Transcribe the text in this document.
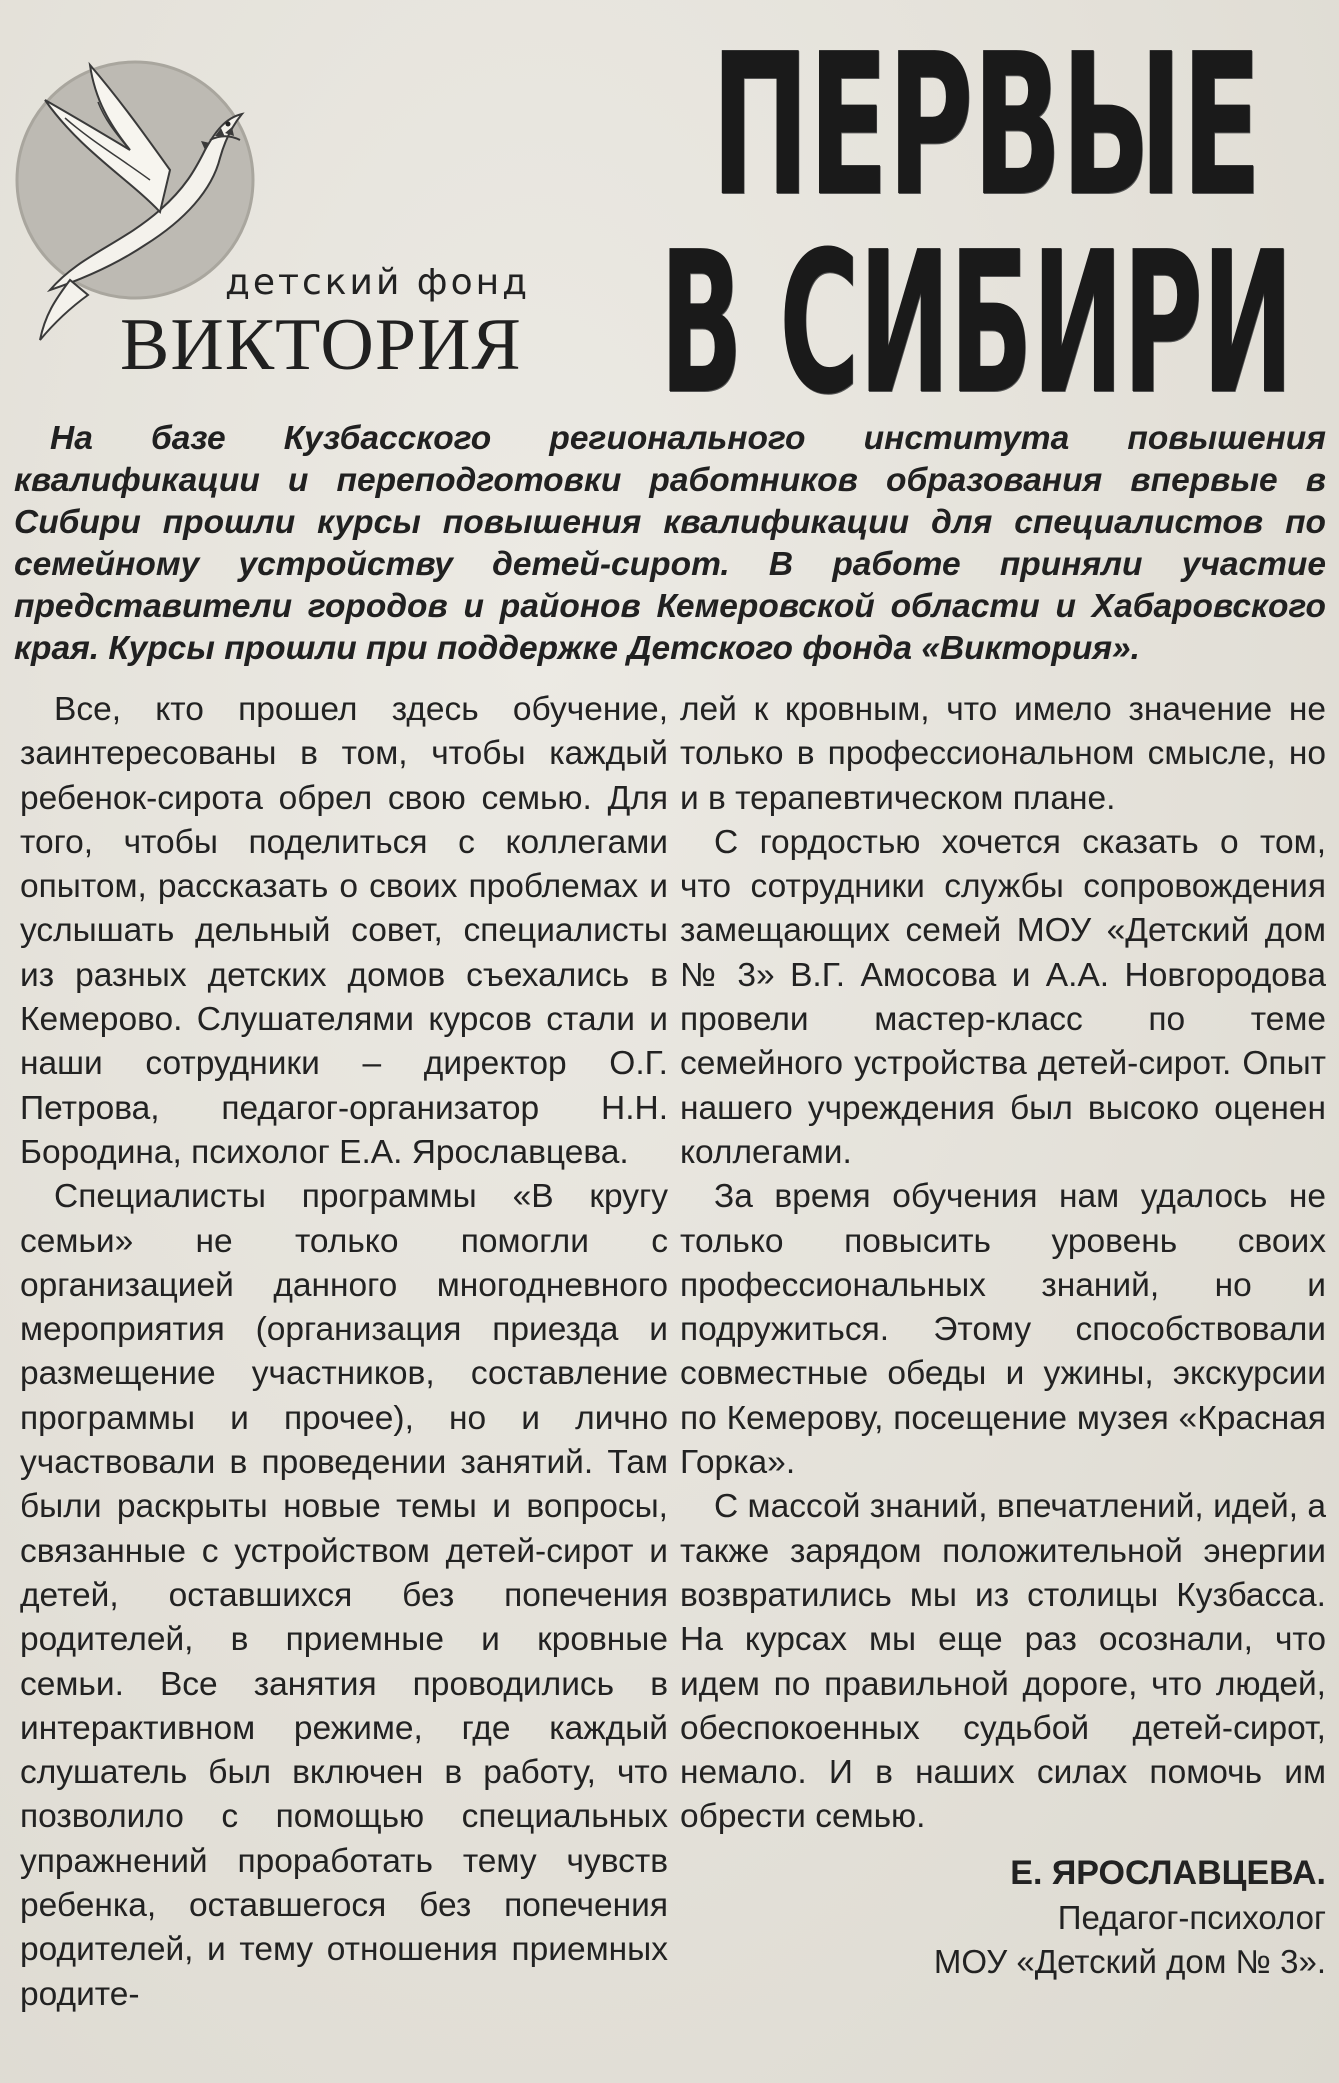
детский фонд
ВИКТОРИЯ
ПЕРВЫЕ
В СИБИРИ

На базе Кузбасского регионального института повышения квалификации и переподготовки работников образования впервые в Сибири прошли курсы повышения квалификации для специалистов по семейному устройству детей-сирот. В работе приняли участие представители городов и районов Кемеровской области и Хабаровского края. Курсы прошли при поддержке Детского фонда «Виктория».

Все, кто прошел здесь обучение, заинтересованы в том, чтобы каждый ребенок-сирота обрел свою семью. Для того, чтобы поделиться с коллегами опытом, рассказать о своих проблемах и услышать дельный совет, специалисты из разных детских домов съехались в Кемерово. Слушателями курсов стали и наши сотрудники – директор О.Г. Петрова, педагог-организатор Н.Н. Бородина, психолог Е.А. Ярославцева.

Специалисты программы «В кругу семьи» не только помогли с организацией данного многодневного мероприятия (организация приезда и размещение участников, составление программы и прочее), но и лично участвовали в проведении занятий. Там были раскрыты новые темы и вопросы, связанные с устройством детей-сирот и детей, оставшихся без попечения родителей, в приемные и кровные семьи. Все занятия проводились в интерактивном режиме, где каждый слушатель был включен в работу, что позволило с помощью специальных упражнений проработать тему чувств ребенка, оставшегося без попечения родителей, и тему отношения приемных родите-

лей к кровным, что имело значение не только в профессиональном смысле, но и в терапевтическом плане.

С гордостью хочется сказать о том, что сотрудники службы сопровождения замещающих семей МОУ «Детский дом № 3» В.Г. Амосова и А.А. Новгородова провели мастер-класс по теме семейного устройства детей-сирот. Опыт нашего учреждения был высоко оценен коллегами.

За время обучения нам удалось не только повысить уровень своих профессиональных знаний, но и подружиться. Этому способствовали совместные обеды и ужины, экскурсии по Кемерову, посещение музея «Красная Горка».

С массой знаний, впечатлений, идей, а также зарядом положительной энергии возвратились мы из столицы Кузбасса. На курсах мы еще раз осознали, что идем по правильной дороге, что людей, обеспокоенных судьбой детей-сирот, немало. И в наших силах помочь им обрести семью.

Е. ЯРОСЛАВЦЕВА.
Педагог-психолог
МОУ «Детский дом № 3».
